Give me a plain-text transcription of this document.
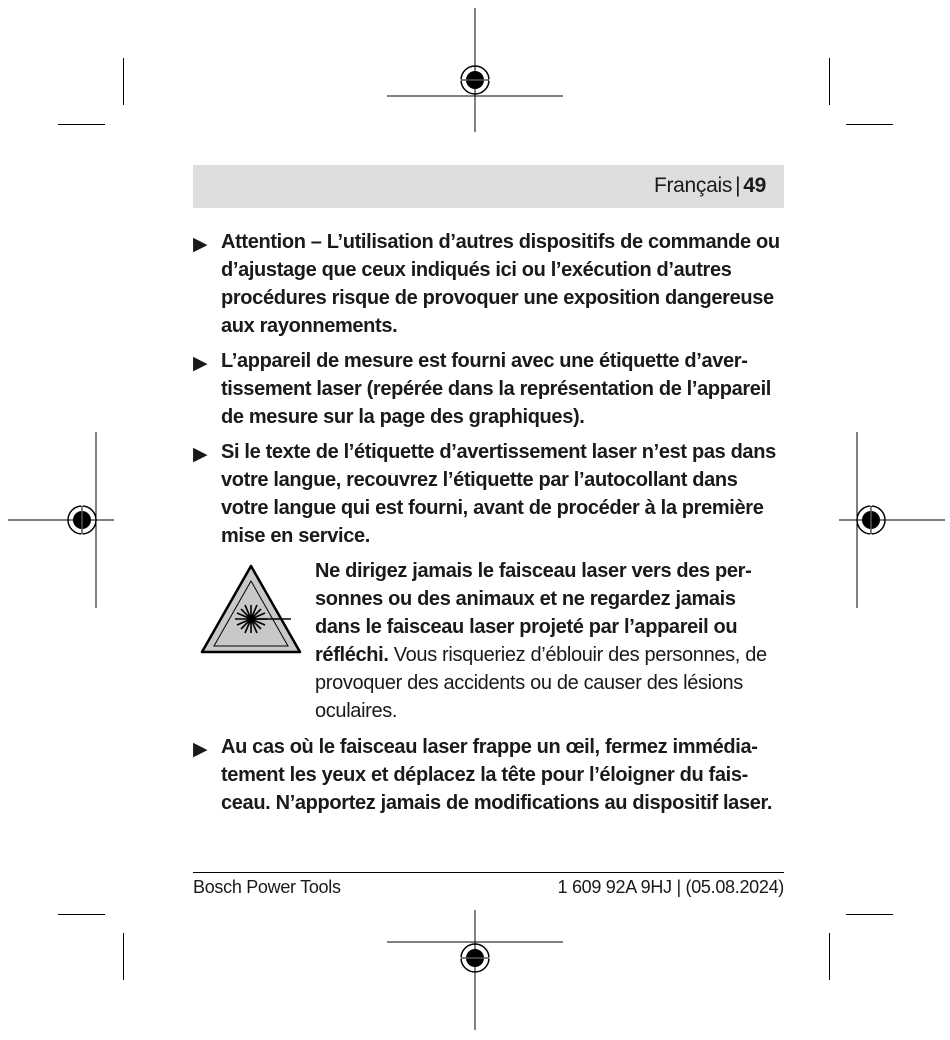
Français | 49
▶ Attention – L’utilisation d’autres dispositifs de commande ou d’ajustage que ceux indiqués ici ou l’exécution d’autres procédures risque de provoquer une exposition dangereuse aux rayonnements.
▶ L’appareil de mesure est fourni avec une étiquette d’avertissement laser (repérée dans la représentation de l’appareil de mesure sur la page des graphiques).
▶ Si le texte de l’étiquette d’avertissement laser n’est pas dans votre langue, recouvrez l’étiquette par l’autocollant dans votre langue qui est fourni, avant de procéder à la première mise en service.
Ne dirigez jamais le faisceau laser vers des personnes ou des animaux et ne regardez jamais dans le faisceau laser projeté par l’appareil ou réfléchi. Vous risqueriez d’éblouir des personnes, de provoquer des accidents ou de causer des lésions oculaires.
▶ Au cas où le faisceau laser frappe un œil, fermez immédiatement les yeux et déplacez la tête pour l’éloigner du faisceau. N’apportez jamais de modifications au dispositif laser.
Bosch Power Tools	1 609 92A 9HJ | (05.08.2024)
